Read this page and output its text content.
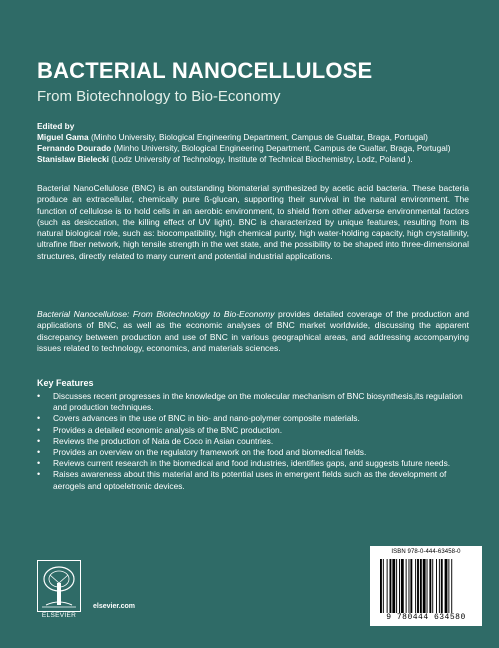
BACTERIAL NANOCELLULOSE
From Biotechnology to Bio-Economy
Edited by
Miguel Gama (Minho University, Biological Engineering Department, Campus de Gualtar, Braga, Portugal)
Fernando Dourado (Minho University, Biological Engineering Department, Campus de Gualtar, Braga, Portugal)
Stanislaw Bielecki (Lodz University of Technology, Institute of Technical Biochemistry, Lodz, Poland ).
Bacterial NanoCellulose (BNC) is an outstanding biomaterial synthesized by acetic acid bacteria. These bacteria produce an extracellular, chemically pure ß-glucan, supporting their survival in the natural environment. The function of cellulose is to hold cells in an aerobic environment, to shield from other adverse environmental factors (such as desiccation, the killing effect of UV light). BNC is characterized by unique features, resulting from its natural biological role, such as: biocompatibility, high chemical purity, high water-holding capacity, high crystallinity, ultrafine fiber network, high tensile strength in the wet state, and the possibility to be shaped into three-dimensional structures, directly related to many current and potential industrial applications.
Bacterial Nanocellulose: From Biotechnology to Bio-Economy provides detailed coverage of the production and applications of BNC, as well as the economic analyses of BNC market worldwide, discussing the apparent discrepancy between production and use of BNC in various geographical areas, and addressing accompanying issues related to technology, economics, and materials sciences.
Key Features
• Discusses recent progresses in the knowledge on the molecular mechanism of BNC biosynthesis,its regulation and production techniques.
• Covers advances in the use of BNC in bio- and nano-polymer composite materials.
• Provides a detailed economic analysis of the BNC production.
• Reviews the production of Nata de Coco in Asian countries.
• Provides an overview on the regulatory framework on the food and biomedical fields.
• Reviews current research in the biomedical and food industries, identifies gaps, and suggests future needs.
• Raises awareness about this material and its potential uses in emergent fields such as the development of aerogels and optoeletronic devices.
ELSEVIER
elsevier.com
ISBN 978-0-444-63458-0
9 780444 634580
